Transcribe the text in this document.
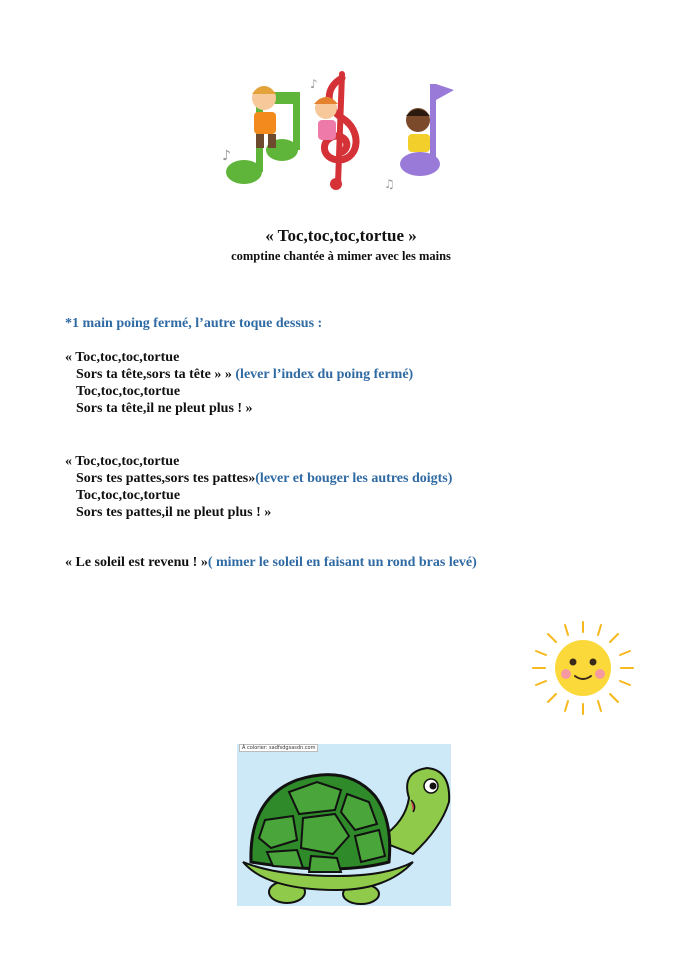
♪
♪
♫
« Toc,toc,toc,tortue »
comptine chantée à mimer avec les mains
*1 main poing fermé, l’autre toque dessus :
« Toc,toc,toc,tortue
Sors ta tête,sors ta tête » » (lever l’index du poing fermé)
Toc,toc,toc,tortue
Sors ta tête,il ne pleut plus ! »
« Toc,toc,toc,tortue
Sors tes pattes,sors tes pattes»(lever et bouger les autres doigts)
Toc,toc,toc,tortue
Sors tes pattes,il ne pleut plus ! »
« Le soleil est revenu ! »( mimer le soleil en faisant un rond bras levé)
À colorier: sadfsdgsasdn.com
